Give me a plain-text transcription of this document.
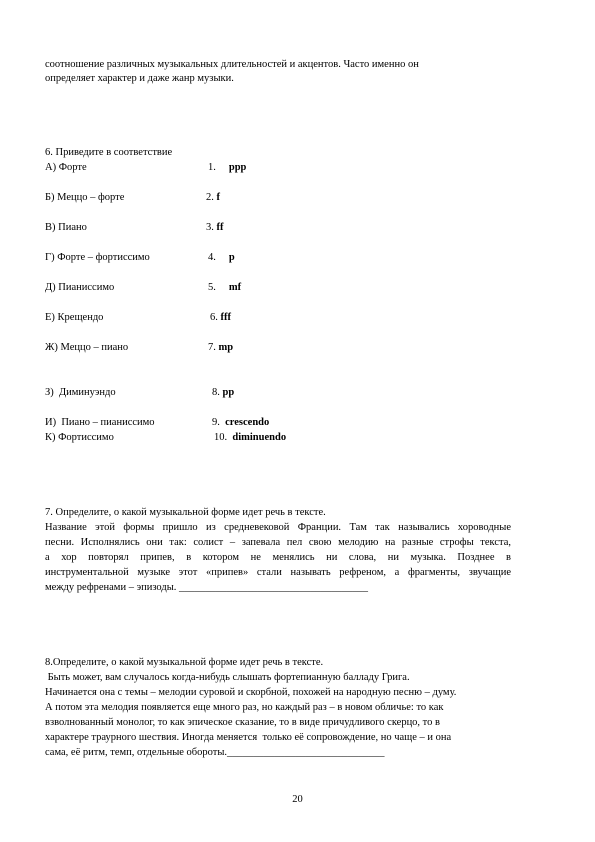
соотношение различных музыкальных длительностей и акцентов. Часто именно он
определяет характер и даже жанр музыки.
6. Приведите в соответствие
А) Форте
Б) Меццо – форте
В) Пиано
Г) Форте – фортиссимо
Д) Пианиссимо
Е) Крещендо
Ж) Меццо – пиано
З)  Диминуэндо
И)  Пиано – пианиссимо
К) Фортиссимо
1. ppp
2. f
3. ff
4. p
5. mf
6. fff
7. mp
8. pp
9. crescendo
10. diminuendo
7. Определите, о какой музыкальной форме идет речь в тексте.
Название этой формы пришло из средневековой Франции. Там так назывались хороводные
песни. Исполнялись они так: солист – запевала пел свою мелодию на разные строфы текста,
а хор повторял припев, в котором не менялись ни слова, ни музыка. Позднее в
инструментальной музыке этот «припев» стали называть рефреном, а фрагменты, звучащие
между рефренами – эпизоды. ____________________________________
8.Определите, о какой музыкальной форме идет речь в тексте.
Быть может, вам случалось когда-нибудь слышать фортепианную балладу Грига.
Начинается она с темы – мелодии суровой и скорбной, похожей на народную песню – думу.
А потом эта мелодия появляется еще много раз, но каждый раз – в новом обличье: то как
взволнованный монолог, то как эпическое сказание, то в виде причудливого скерцо, то в
характере траурного шествия. Иногда меняется  только её сопровождение, но чаще – и она
сама, её ритм, темп, отдельные обороты.______________________________
20
